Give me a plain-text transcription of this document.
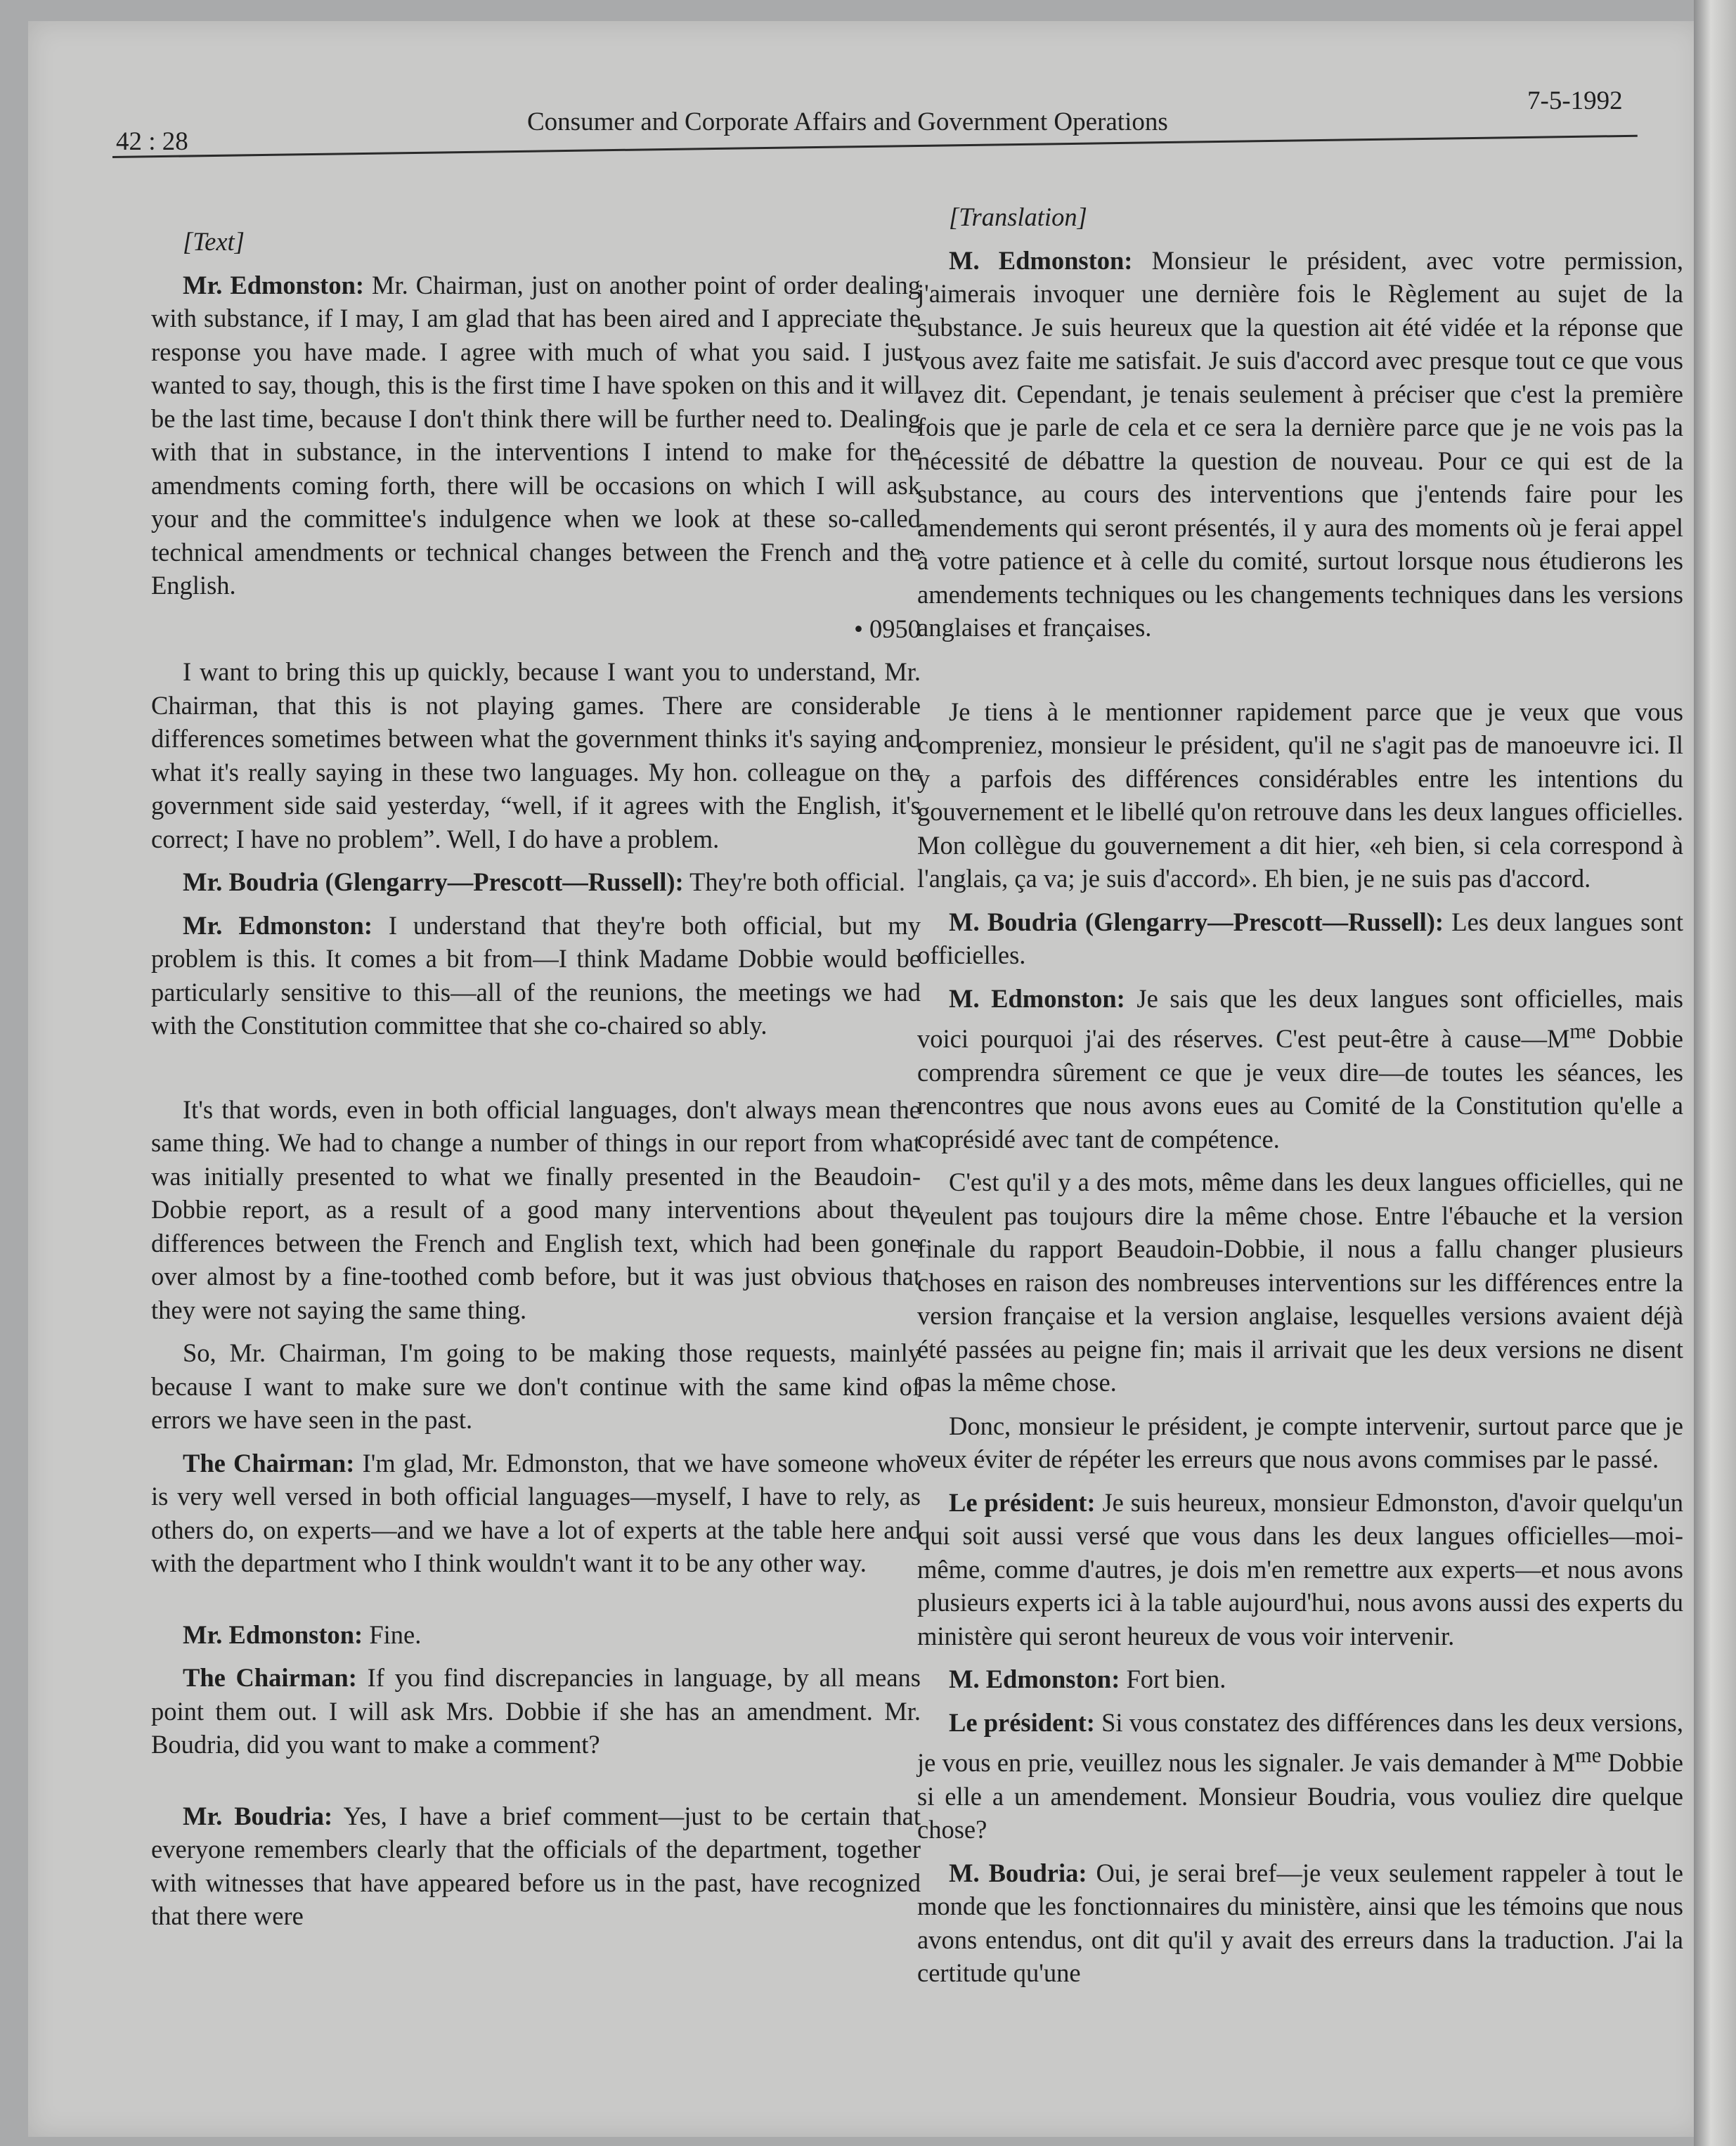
42 : 28
Consumer and Corporate Affairs and Government Operations
7-5-1992

[Text]

Mr. Edmonston: Mr. Chairman, just on another point of order dealing with substance, if I may, I am glad that has been aired and I appreciate the response you have made. I agree with much of what you said. I just wanted to say, though, this is the first time I have spoken on this and it will be the last time, because I don't think there will be further need to. Dealing with that in substance, in the interventions I intend to make for the amendments coming forth, there will be occasions on which I will ask your and the committee's indulgence when we look at these so-called technical amendments or technical changes between the French and the English.

• 0950

I want to bring this up quickly, because I want you to understand, Mr. Chairman, that this is not playing games. There are considerable differences sometimes between what the government thinks it's saying and what it's really saying in these two languages. My hon. colleague on the government side said yesterday, “well, if it agrees with the English, it's correct; I have no problem”. Well, I do have a problem.

Mr. Boudria (Glengarry—Prescott—Russell): They're both official.

Mr. Edmonston: I understand that they're both official, but my problem is this. It comes a bit from—I think Madame Dobbie would be particularly sensitive to this—all of the reunions, the meetings we had with the Constitution committee that she co-chaired so ably.

It's that words, even in both official languages, don't always mean the same thing. We had to change a number of things in our report from what was initially presented to what we finally presented in the Beaudoin-Dobbie report, as a result of a good many interventions about the differences between the French and English text, which had been gone over almost by a fine-toothed comb before, but it was just obvious that they were not saying the same thing.

So, Mr. Chairman, I'm going to be making those requests, mainly because I want to make sure we don't continue with the same kind of errors we have seen in the past.

The Chairman: I'm glad, Mr. Edmonston, that we have someone who is very well versed in both official languages—myself, I have to rely, as others do, on experts—and we have a lot of experts at the table here and with the department who I think wouldn't want it to be any other way.

Mr. Edmonston: Fine.

The Chairman: If you find discrepancies in language, by all means point them out. I will ask Mrs. Dobbie if she has an amendment. Mr. Boudria, did you want to make a comment?

Mr. Boudria: Yes, I have a brief comment—just to be certain that everyone remembers clearly that the officials of the department, together with witnesses that have appeared before us in the past, have recognized that there were

[Translation]

M. Edmonston: Monsieur le président, avec votre permission, j'aimerais invoquer une dernière fois le Règlement au sujet de la substance. Je suis heureux que la question ait été vidée et la réponse que vous avez faite me satisfait. Je suis d'accord avec presque tout ce que vous avez dit. Cependant, je tenais seulement à préciser que c'est la première fois que je parle de cela et ce sera la dernière parce que je ne vois pas la nécessité de débattre la question de nouveau. Pour ce qui est de la substance, au cours des interventions que j'entends faire pour les amendements qui seront présentés, il y aura des moments où je ferai appel à votre patience et à celle du comité, surtout lorsque nous étudierons les amendements techniques ou les changements techniques dans les versions anglaises et françaises.

Je tiens à le mentionner rapidement parce que je veux que vous compreniez, monsieur le président, qu'il ne s'agit pas de manoeuvre ici. Il y a parfois des différences considérables entre les intentions du gouvernement et le libellé qu'on retrouve dans les deux langues officielles. Mon collègue du gouvernement a dit hier, «eh bien, si cela correspond à l'anglais, ça va; je suis d'accord». Eh bien, je ne suis pas d'accord.

M. Boudria (Glengarry—Prescott—Russell): Les deux langues sont officielles.

M. Edmonston: Je sais que les deux langues sont officielles, mais voici pourquoi j'ai des réserves. C'est peut-être à $cause—M^{me}$ Dobbie comprendra sûrement ce que je veux dire—de toutes les séances, les rencontres que nous avons eues au Comité de la Constitution qu'elle a coprésidé avec tant de compétence.

C'est qu'il y a des mots, même dans les deux langues officielles, qui ne veulent pas toujours dire la même chose. Entre l'ébauche et la version finale du rapport Beaudoin-Dobbie, il nous a fallu changer plusieurs choses en raison des nombreuses interventions sur les différences entre la version française et la version anglaise, lesquelles versions avaient déjà été passées au peigne fin; mais il arrivait que les deux versions ne disent pas la même chose.

Donc, monsieur le président, je compte intervenir, surtout parce que je veux éviter de répéter les erreurs que nous avons commises par le passé.

Le président: Je suis heureux, monsieur Edmonston, d'avoir quelqu'un qui soit aussi versé que vous dans les deux langues officielles—moi-même, comme d'autres, je dois m'en remettre aux experts—et nous avons plusieurs experts ici à la table aujourd'hui, nous avons aussi des experts du ministère qui seront heureux de vous voir intervenir.

M. Edmonston: Fort bien.

Le président: Si vous constatez des différences dans les deux versions, je vous en prie, veuillez nous les signaler. Je vais demander à $M^{me}$ Dobbie si elle a un amendement. Monsieur Boudria, vous vouliez dire quelque chose?

M. Boudria: Oui, je serai bref—je veux seulement rappeler à tout le monde que les fonctionnaires du ministère, ainsi que les témoins que nous avons entendus, ont dit qu'il y avait des erreurs dans la traduction. J'ai la certitude qu'une
